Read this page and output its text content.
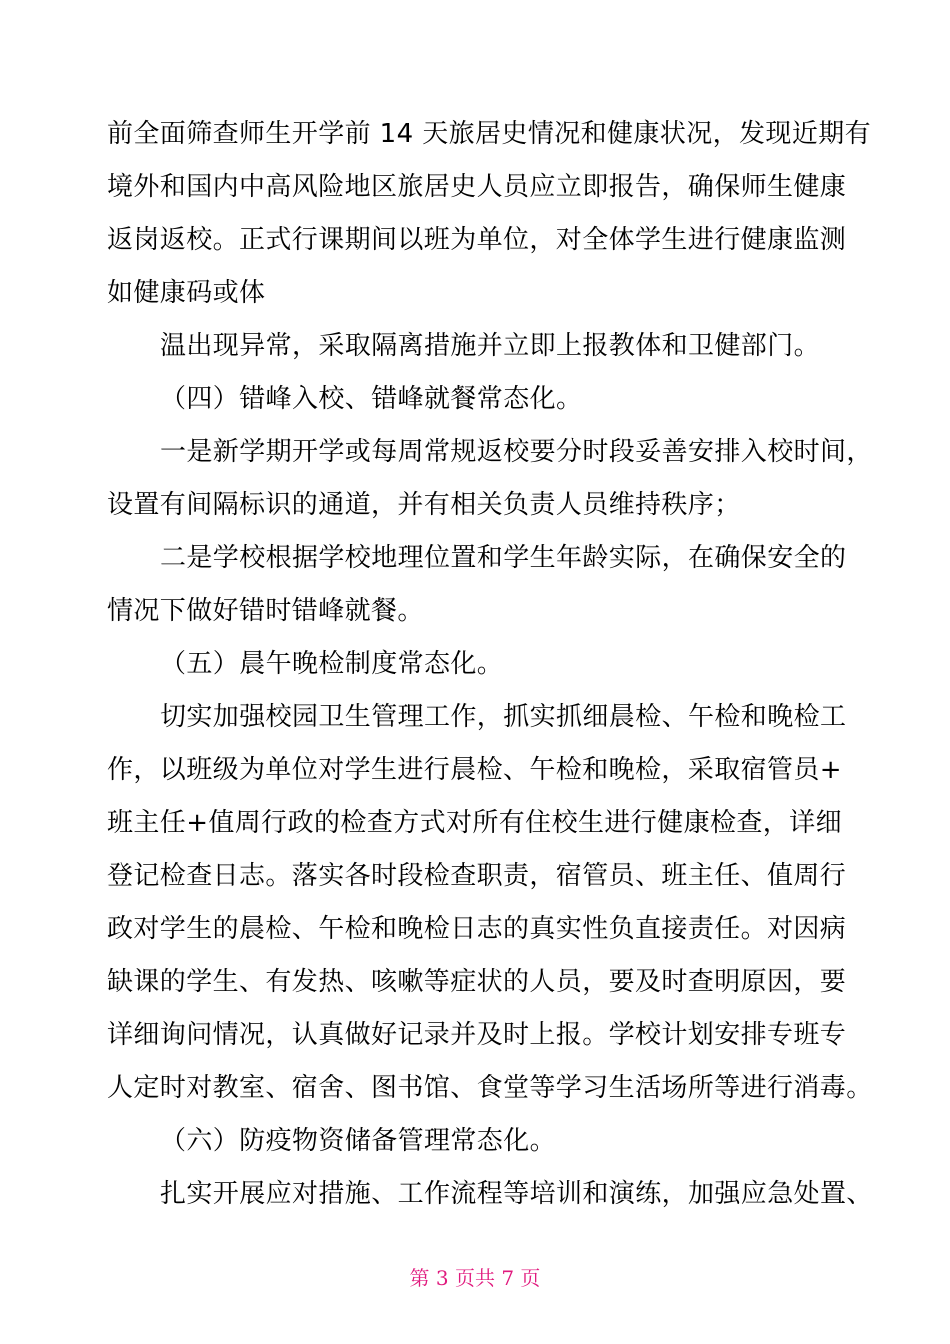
前全面筛查师生开学前 14 天旅居史情况和健康状况，发现近期有
境外和国内中高风险地区旅居史人员应立即报告，确保师生健康
返岗返校。正式行课期间以班为单位，对全体学生进行健康监测
如健康码或体
温出现异常，采取隔离措施并立即上报教体和卫健部门。
（四）错峰入校、错峰就餐常态化。
一是新学期开学或每周常规返校要分时段妥善安排入校时间，
设置有间隔标识的通道，并有相关负责人员维持秩序；
二是学校根据学校地理位置和学生年龄实际，在确保安全的
情况下做好错时错峰就餐。
（五）晨午晚检制度常态化。
切实加强校园卫生管理工作，抓实抓细晨检、午检和晚检工
作，以班级为单位对学生进行晨检、午检和晚检，采取宿管员+
班主任+值周行政的检查方式对所有住校生进行健康检查，详细
登记检查日志。落实各时段检查职责，宿管员、班主任、值周行
政对学生的晨检、午检和晚检日志的真实性负直接责任。对因病
缺课的学生、有发热、咳嗽等症状的人员，要及时查明原因，要
详细询问情况，认真做好记录并及时上报。学校计划安排专班专
人定时对教室、宿舍、图书馆、食堂等学习生活场所等进行消毒。
（六）防疫物资储备管理常态化。
扎实开展应对措施、工作流程等培训和演练，加强应急处置、
第 3 页共 7 页
